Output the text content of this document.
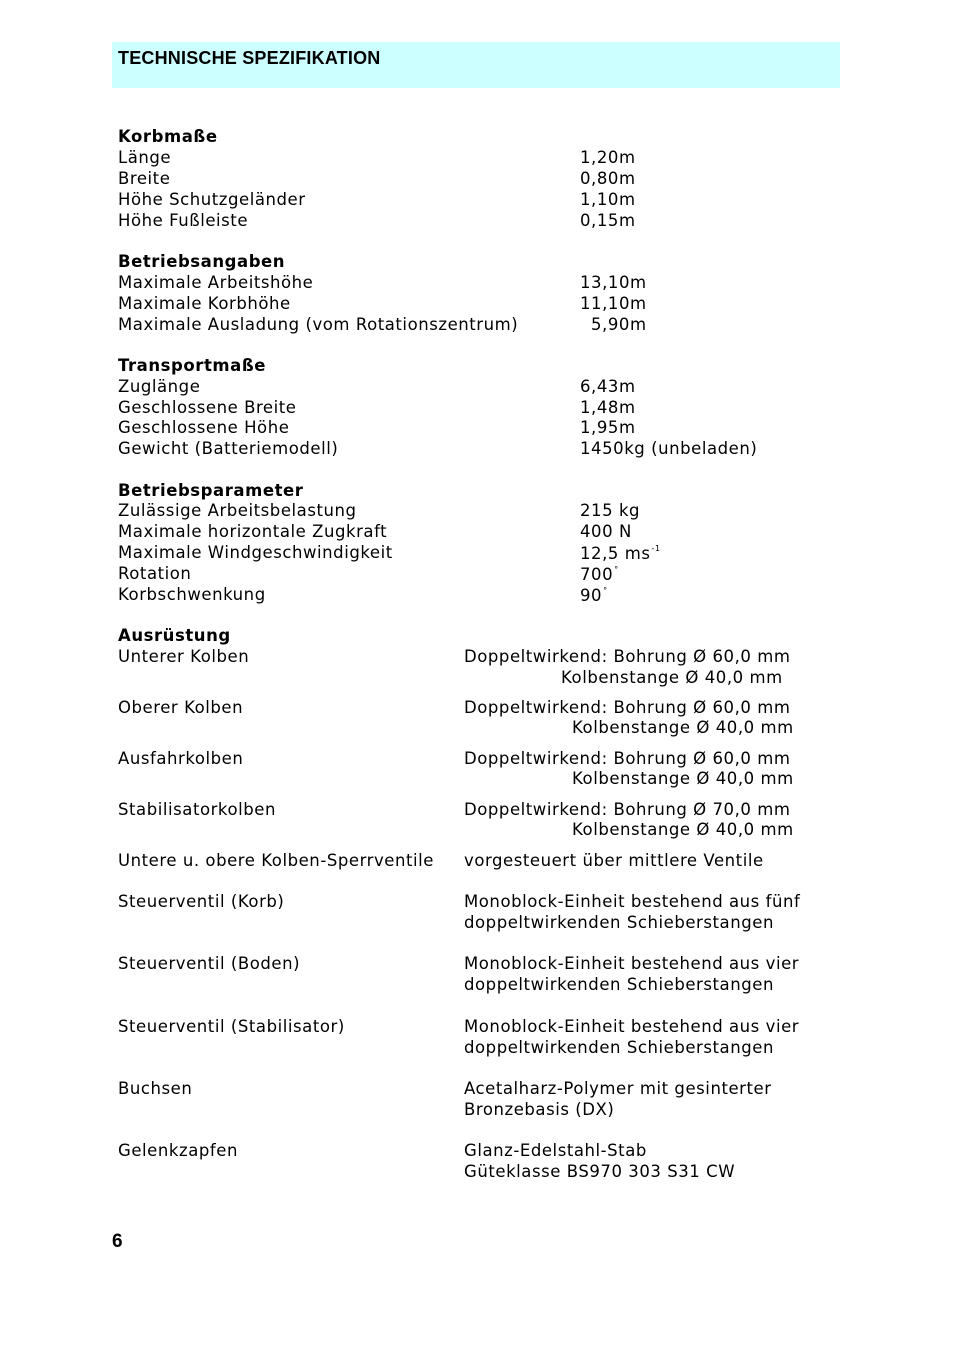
TECHNISCHE SPEZIFIKATION
Korbmaße
Länge	1,20m
Breite	0,80m
Höhe Schutzgeländer	1,10m
Höhe Fußleiste	0,15m
Betriebsangaben
Maximale Arbeitshöhe	13,10m
Maximale Korbhöhe	11,10m
Maximale Ausladung (vom Rotationszentrum)	5,90m
Transportmaße
Zuglänge	6,43m
Geschlossene Breite	1,48m
Geschlossene Höhe	1,95m
Gewicht (Batteriemodell)	1450kg (unbeladen)
Betriebsparameter
Zulässige Arbeitsbelastung	215 kg
Maximale horizontale Zugkraft	400 N
Maximale Windgeschwindigkeit	12,5 $ms^{-1}$
Rotation	700°
Korbschwenkung	90°
Ausrüstung
Unterer Kolben	Doppeltwirkend: Bohrung Ø 60,0 mm
Kolbenstange Ø 40,0 mm
Oberer Kolben	Doppeltwirkend: Bohrung Ø 60,0 mm
Kolbenstange Ø 40,0 mm
Ausfahrkolben	Doppeltwirkend: Bohrung Ø 60,0 mm
Kolbenstange Ø 40,0 mm
Stabilisatorkolben	Doppeltwirkend: Bohrung Ø 70,0 mm
Kolbenstange Ø 40,0 mm
Untere u. obere Kolben-Sperrventile vorgesteuert über mittlere Ventile
Steuerventil (Korb)	Monoblock-Einheit bestehend aus fünf
doppeltwirkenden Schieberstangen
Steuerventil (Boden)	Monoblock-Einheit bestehend aus vier
doppeltwirkenden Schieberstangen
Steuerventil (Stabilisator)	Monoblock-Einheit bestehend aus vier
doppeltwirkenden Schieberstangen
Buchsen	Acetalharz-Polymer mit gesinterter
Bronzebasis (DX)
Gelenkzapfen	Glanz-Edelstahl-Stab
Güteklasse BS970 303 S31 CW
6
